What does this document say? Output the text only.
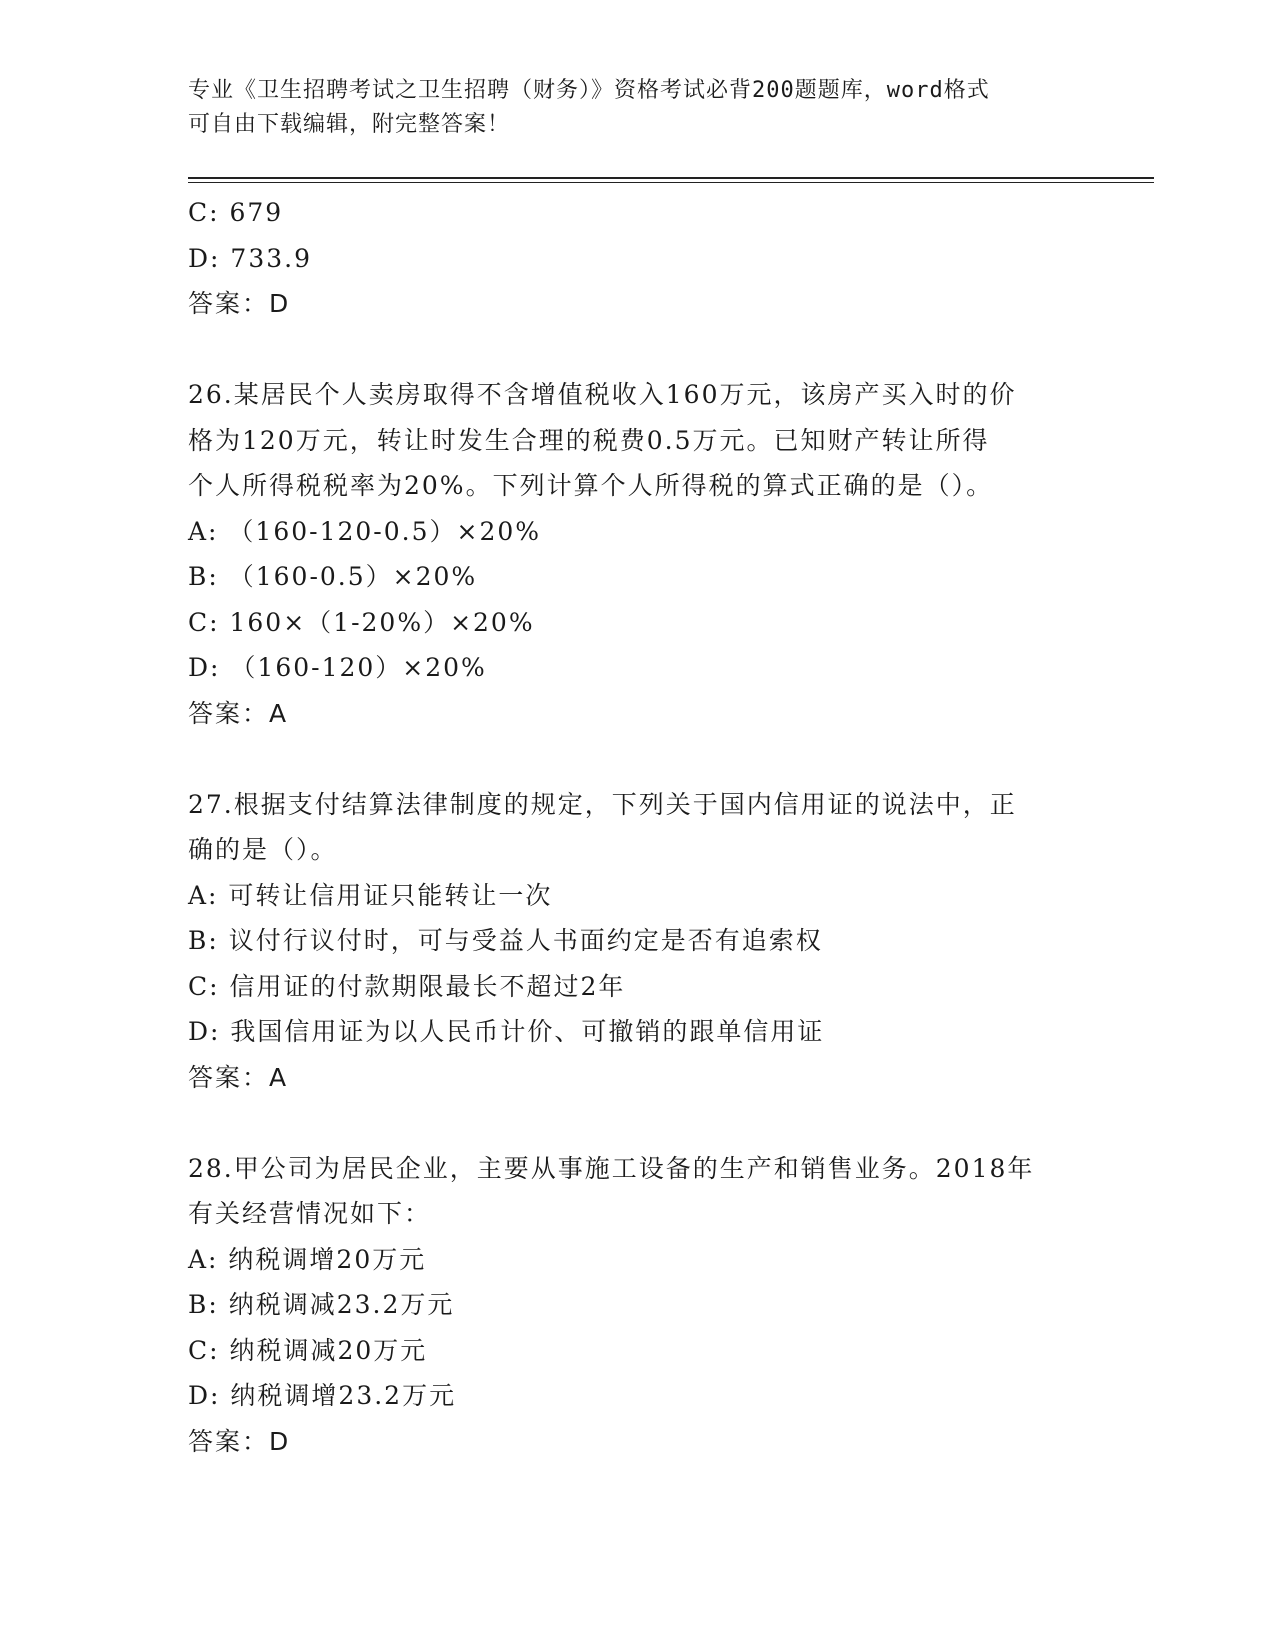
专业《卫生招聘考试之卫生招聘（财务）》资格考试必背200题题库，word格式
可自由下载编辑，附完整答案！
C: 679
D: 733.9
答案：D
26.某居民个人卖房取得不含增值税收入160万元，该房产买入时的价
格为120万元，转让时发生合理的税费0.5万元。已知财产转让所得
个人所得税税率为20%。下列计算个人所得税的算式正确的是（）。
A: （160-120-0.5）×20%
B: （160-0.5）×20%
C: 160×（1-20%）×20%
D: （160-120）×20%
答案：A
27.根据支付结算法律制度的规定，下列关于国内信用证的说法中，正
确的是（）。
A: 可转让信用证只能转让一次
B: 议付行议付时，可与受益人书面约定是否有追索权
C: 信用证的付款期限最长不超过2年
D: 我国信用证为以人民币计价、可撤销的跟单信用证
答案：A
28.甲公司为居民企业，主要从事施工设备的生产和销售业务。2018年
有关经营情况如下：
A: 纳税调增20万元
B: 纳税调减23.2万元
C: 纳税调减20万元
D: 纳税调增23.2万元
答案：D
